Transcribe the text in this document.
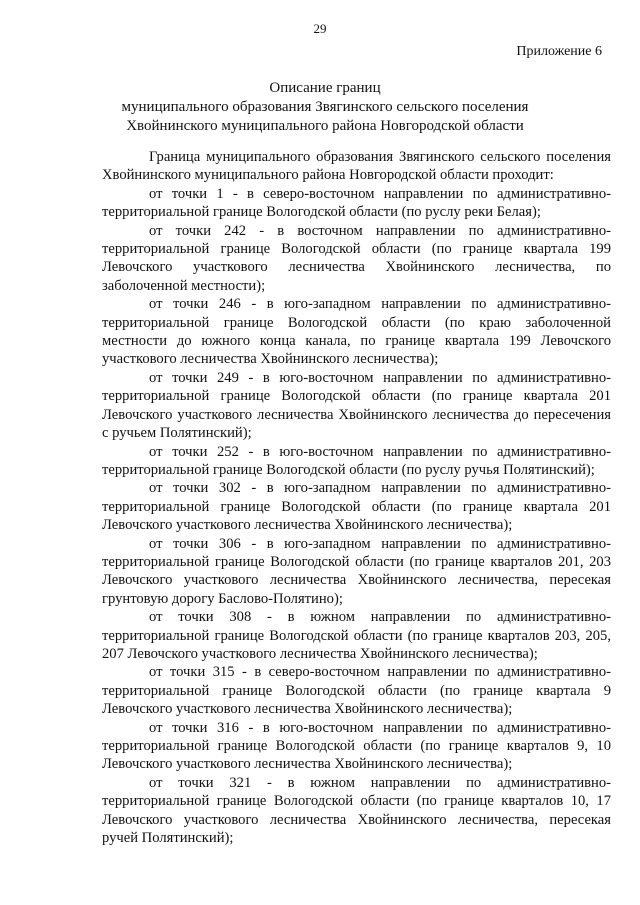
29
Приложение 6
Описание границ
муниципального образования Звягинского сельского поселения
Хвойнинского муниципального района Новгородской области

Граница муниципального образования Звягинского сельского поселения Хвойнинского муниципального района Новгородской области проходит:

от точки 1 - в северо-восточном направлении по административно-территориальной границе Вологодской области (по руслу реки Белая);

от точки 242 - в восточном направлении по административно-территориальной границе Вологодской области (по границе квартала 199 Левочского участкового лесничества Хвойнинского лесничества, по заболоченной местности);

от точки 246 - в юго-западном направлении по административно-территориальной границе Вологодской области (по краю заболоченной местности до южного конца канала, по границе квартала 199 Левочского участкового лесничества Хвойнинского лесничества);

от точки 249 - в юго-восточном направлении по административно-территориальной границе Вологодской области (по границе квартала 201 Левочского участкового лесничества Хвойнинского лесничества до пересечения с ручьем Полятинский);

от точки 252 - в юго-восточном направлении по административно-территориальной границе Вологодской области (по руслу ручья Полятинский);

от точки 302 - в юго-западном направлении по административно-территориальной границе Вологодской области (по границе квартала 201 Левочского участкового лесничества Хвойнинского лесничества);

от точки 306 - в юго-западном направлении по административно-территориальной границе Вологодской области (по границе кварталов 201, 203 Левочского участкового лесничества Хвойнинского лесничества, пересекая грунтовую дорогу Баслово-Полятино);

от точки 308 - в южном направлении по административно-территориальной границе Вологодской области (по границе кварталов 203, 205, 207 Левочского участкового лесничества Хвойнинского лесничества);

от точки 315 - в северо-восточном направлении по административно-территориальной границе Вологодской области (по границе квартала 9 Левочского участкового лесничества Хвойнинского лесничества);

от точки 316 - в юго-восточном направлении по административно-территориальной границе Вологодской области (по границе кварталов 9, 10 Левочского участкового лесничества Хвойнинского лесничества);

от точки 321 - в южном направлении по административно-территориальной границе Вологодской области (по границе кварталов 10, 17 Левочского участкового лесничества Хвойнинского лесничества, пересекая ручей Полятинский);
